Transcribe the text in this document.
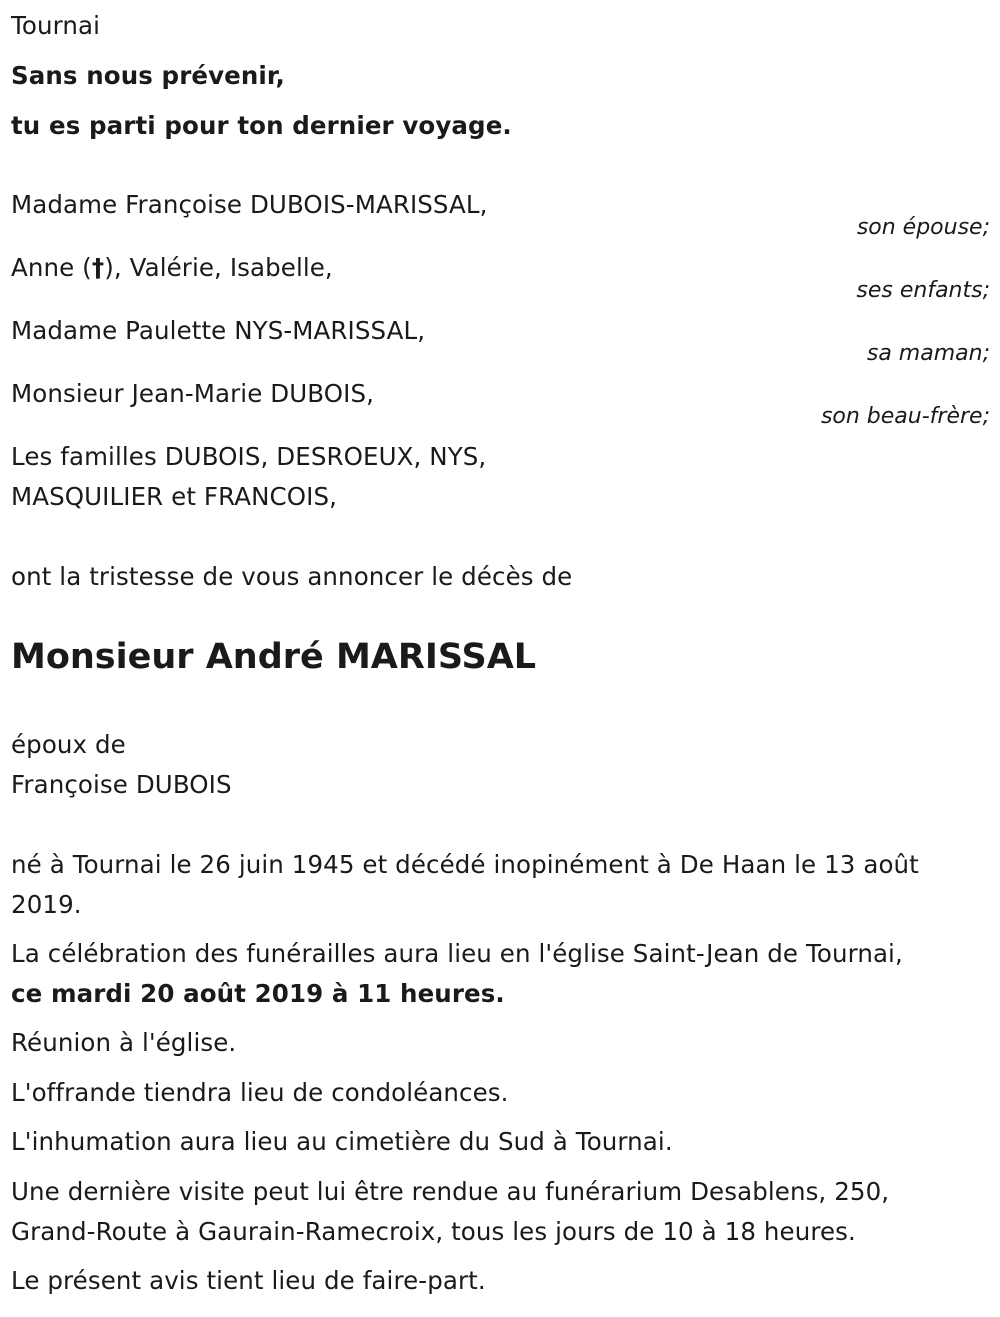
Tournai
Sans nous prévenir,
tu es parti pour ton dernier voyage.
Madame Françoise DUBOIS-MARISSAL,
son épouse;
Anne (†), Valérie, Isabelle,
ses enfants;
Madame Paulette NYS-MARISSAL,
sa maman;
Monsieur Jean-Marie DUBOIS,
son beau-frère;
Les familles DUBOIS, DESROEUX, NYS,
MASQUILIER et FRANCOIS,
ont la tristesse de vous annoncer le décès de
Monsieur André MARISSAL
époux de
Françoise DUBOIS
né à Tournai le 26 juin 1945 et décédé inopinément à De Haan le 13 août
2019.
La célébration des funérailles aura lieu en l'église Saint-Jean de Tournai,
ce mardi 20 août 2019 à 11 heures.
Réunion à l'église.
L'offrande tiendra lieu de condoléances.
L'inhumation aura lieu au cimetière du Sud à Tournai.
Une dernière visite peut lui être rendue au funérarium Desablens, 250,
Grand-Route à Gaurain-Ramecroix, tous les jours de 10 à 18 heures.
Le présent avis tient lieu de faire-part.
